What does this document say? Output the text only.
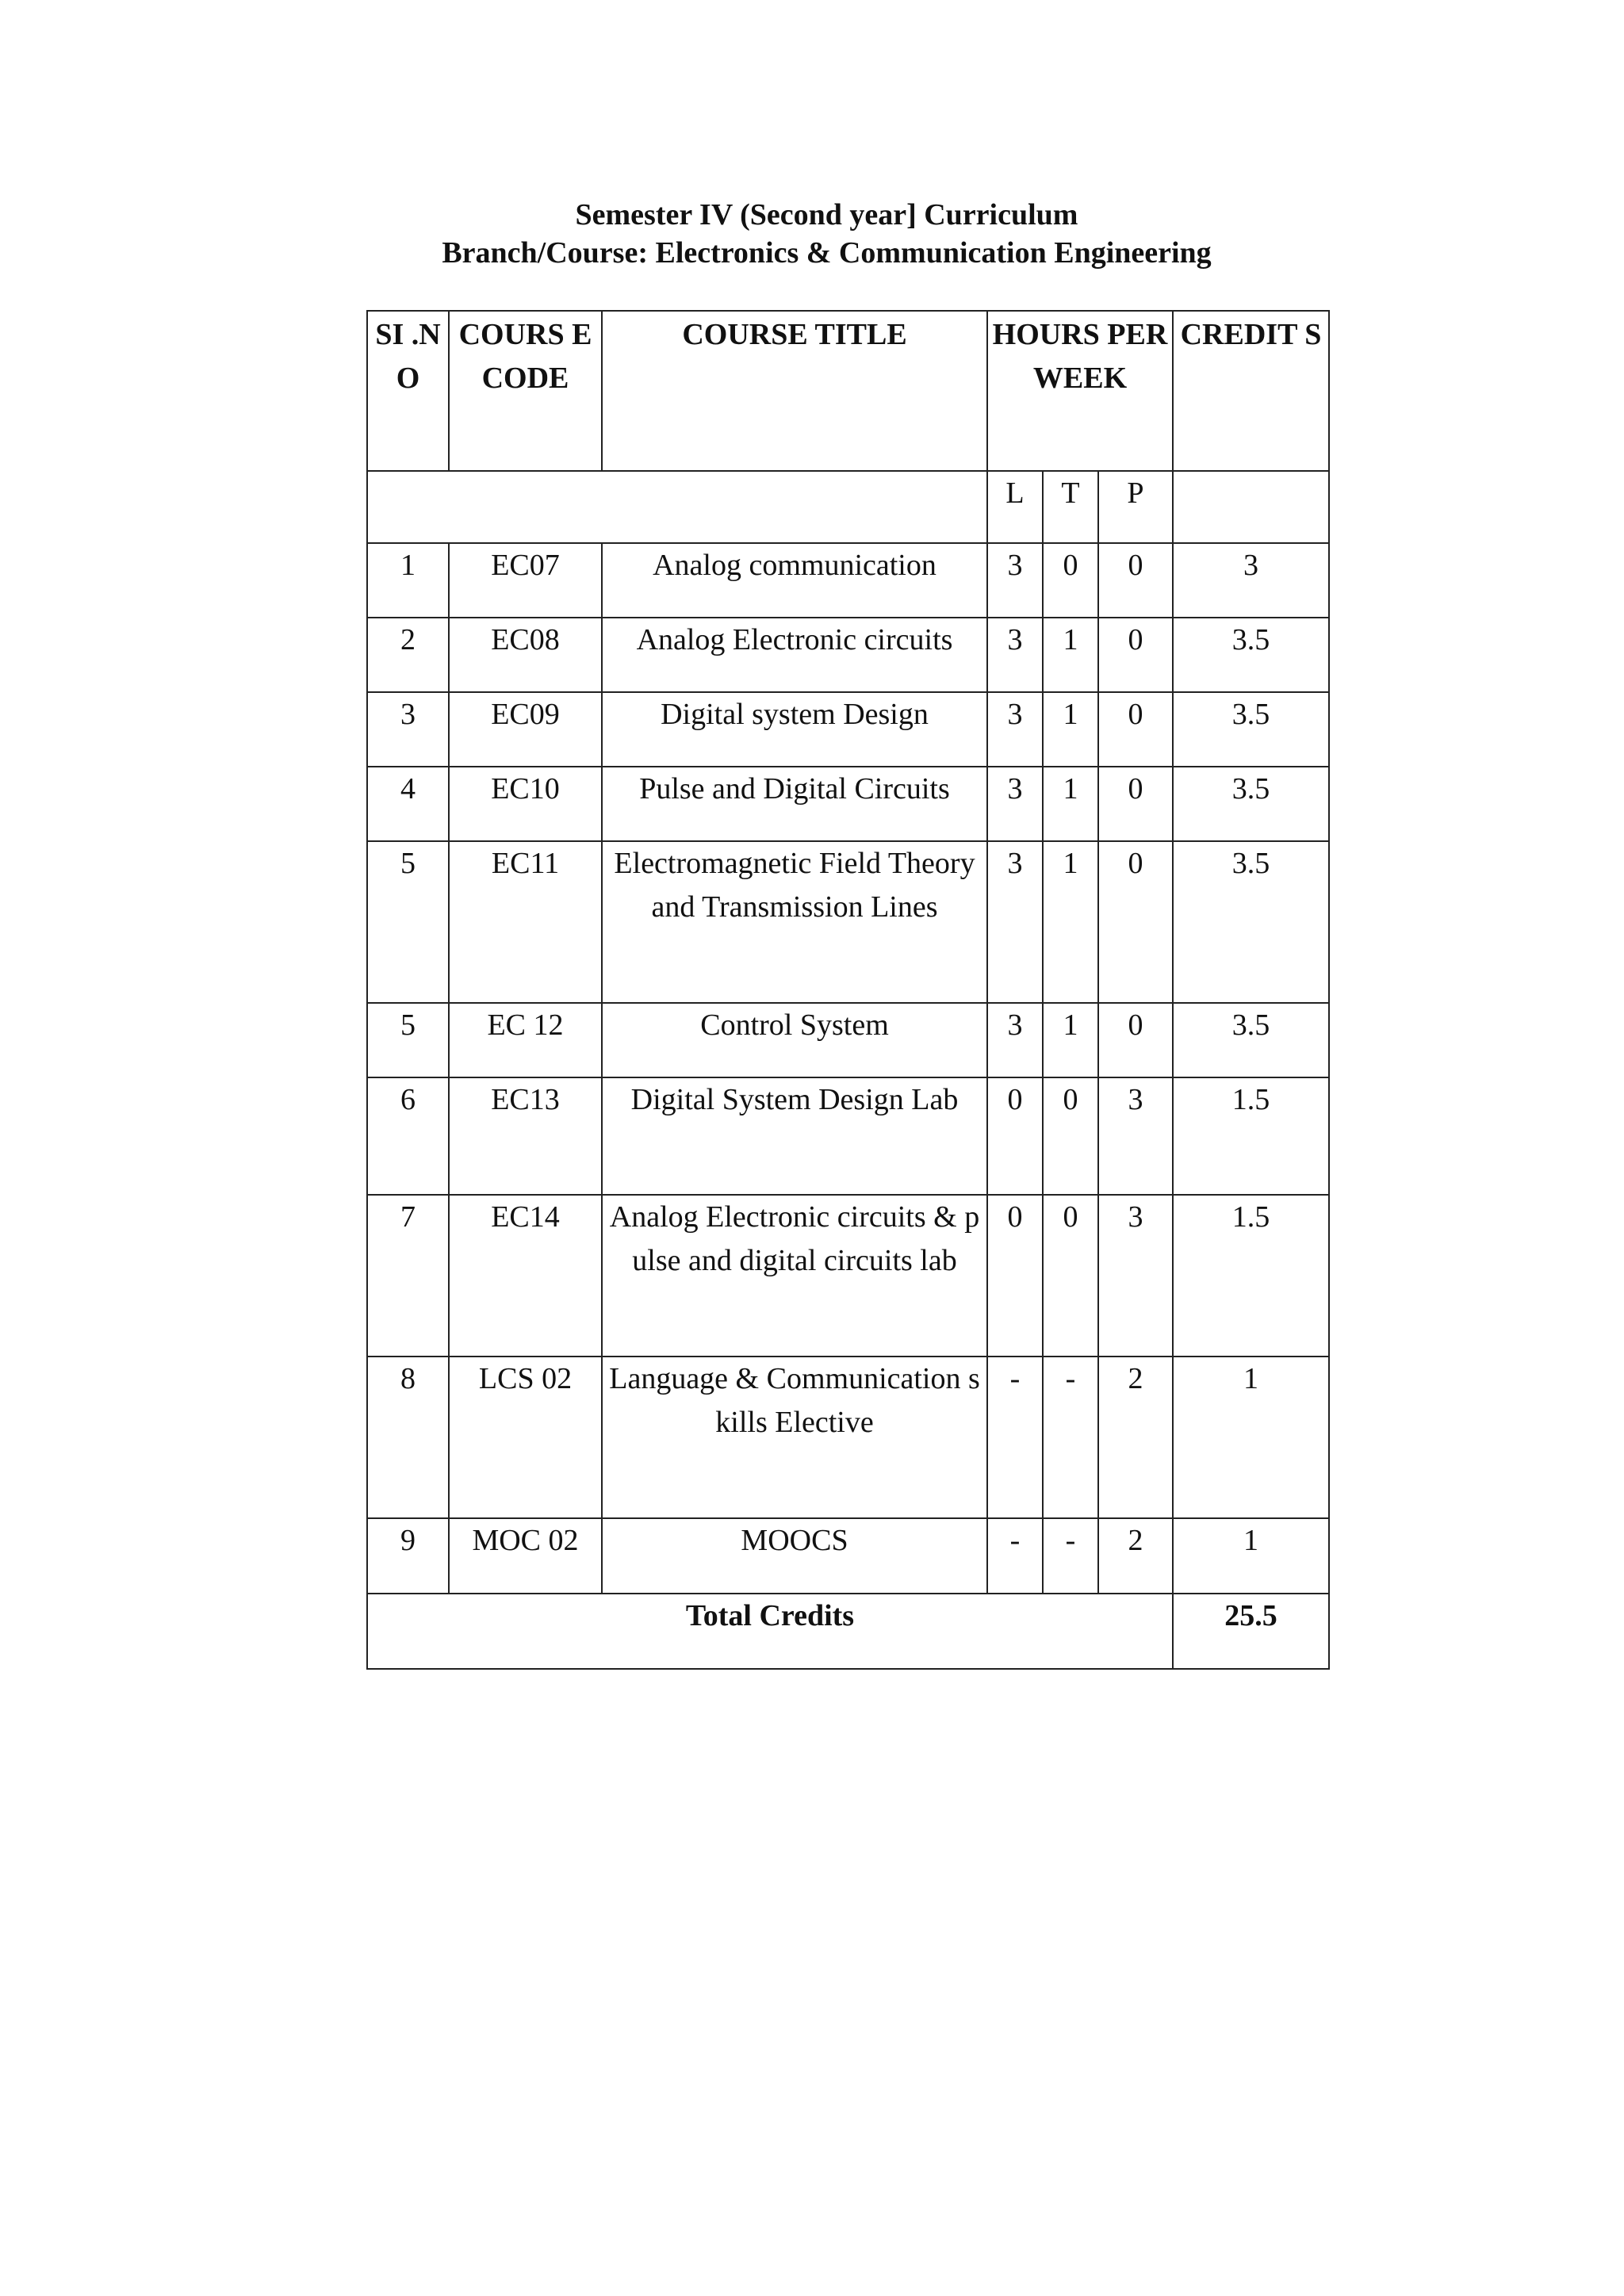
Semester IV (Second year] Curriculum
Branch/Course: Electronics & Communication Engineering
SI .N O	COURS E CODE	COURSE TITLE	HOURS PER WEEK			CREDIT S
			L	T	P	
1	EC07	Analog communication	3	0	0	3
2	EC08	Analog Electronic circuits	3	1	0	3.5
3	EC09	Digital system Design	3	1	0	3.5
4	EC10	Pulse and Digital Circuits	3	1	0	3.5
5	EC11	Electromagnetic Field Theory and Transmission Lines	3	1	0	3.5
5	EC 12	Control System	3	1	0	3.5
6	EC13	Digital System Design Lab	0	0	3	1.5
7	EC14	Analog Electronic circuits & pulse and digital circuits lab	0	0	3	1.5
8	LCS 02	Language & Communication skills Elective	-	-	2	1
9	MOC 02	MOOCS	-	-	2	1
Total Credits						25.5
